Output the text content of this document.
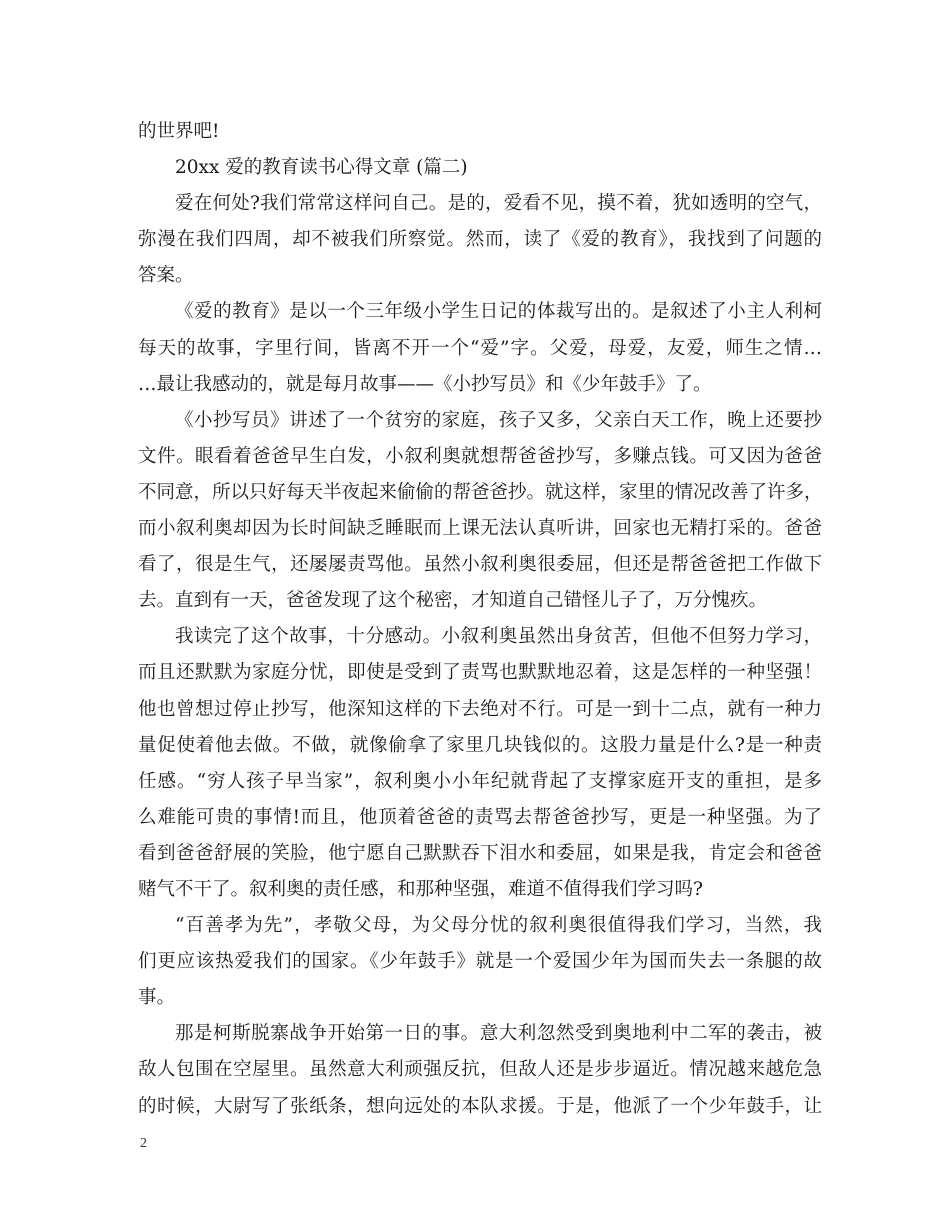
的世界吧!
20xx 爱的教育读书心得文章 (篇二)
爱在何处?我们常常这样问自己。是的，爱看不见，摸不着，犹如透明的空气，
弥漫在我们四周，却不被我们所察觉。然而，读了《爱的教育》，我找到了问题的
答案。
《爱的教育》是以一个三年级小学生日记的体裁写出的。是叙述了小主人利柯
每天的故事，字里行间，皆离不开一个“爱”字。父爱，母爱，友爱，师生之情…
…最让我感动的，就是每月故事——《小抄写员》和《少年鼓手》了。
《小抄写员》讲述了一个贫穷的家庭，孩子又多，父亲白天工作，晚上还要抄
文件。眼看着爸爸早生白发，小叙利奥就想帮爸爸抄写，多赚点钱。可又因为爸爸
不同意，所以只好每天半夜起来偷偷的帮爸爸抄。就这样，家里的情况改善了许多，
而小叙利奥却因为长时间缺乏睡眠而上课无法认真听讲，回家也无精打采的。爸爸
看了，很是生气，还屡屡责骂他。虽然小叙利奥很委屈，但还是帮爸爸把工作做下
去。直到有一天，爸爸发现了这个秘密，才知道自己错怪儿子了，万分愧疚。
我读完了这个故事，十分感动。小叙利奥虽然出身贫苦，但他不但努力学习，
而且还默默为家庭分忧，即使是受到了责骂也默默地忍着，这是怎样的一种坚强！
他也曾想过停止抄写，他深知这样的下去绝对不行。可是一到十二点，就有一种力
量促使着他去做。不做，就像偷拿了家里几块钱似的。这股力量是什么?是一种责
任感。“穷人孩子早当家”，叙利奥小小年纪就背起了支撑家庭开支的重担，是多
么难能可贵的事情!而且，他顶着爸爸的责骂去帮爸爸抄写，更是一种坚强。为了
看到爸爸舒展的笑脸，他宁愿自己默默吞下泪水和委屈，如果是我，肯定会和爸爸
赌气不干了。叙利奥的责任感，和那种坚强，难道不值得我们学习吗?
“百善孝为先”，孝敬父母，为父母分忧的叙利奥很值得我们学习，当然，我
们更应该热爱我们的国家。《少年鼓手》就是一个爱国少年为国而失去一条腿的故
事。
那是柯斯脱寨战争开始第一日的事。意大利忽然受到奥地利中二军的袭击，被
敌人包围在空屋里。虽然意大利顽强反抗，但敌人还是步步逼近。情况越来越危急
的时候，大尉写了张纸条，想向远处的本队求援。于是，他派了一个少年鼓手，让
2
